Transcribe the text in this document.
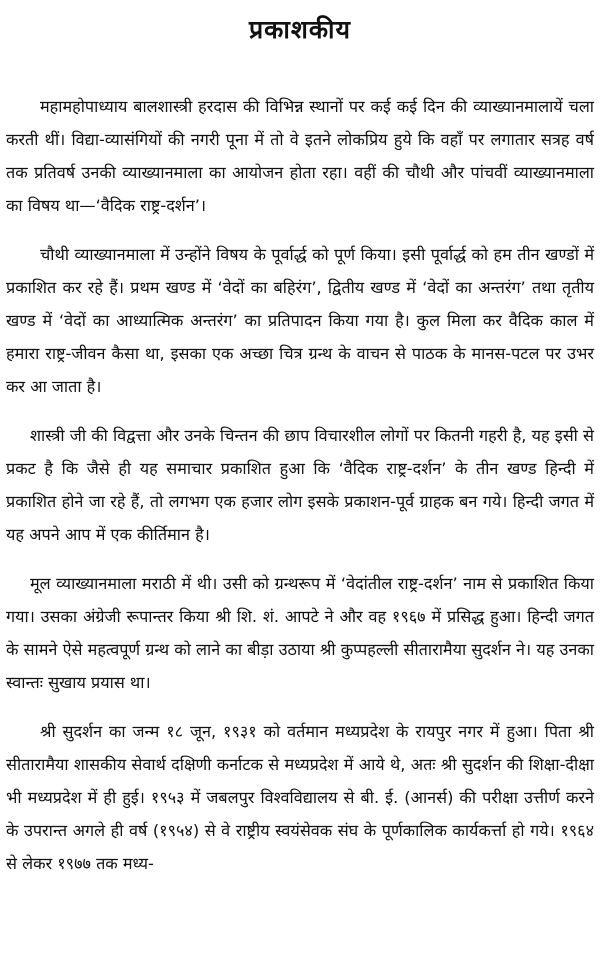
प्रकाशकीय

महामहोपाध्याय बालशास्त्री हरदास की विभिन्न स्थानों पर कई कई दिन की व्याख्यानमालायें चला करती थीं। विद्या-व्यासंगियों की नगरी पूना में तो वे इतने लोकप्रिय हुये कि वहाँ पर लगातार सत्रह वर्ष तक प्रतिवर्ष उनकी व्याख्यानमाला का आयोजन होता रहा। वहीं की चौथी और पांचवीं व्याख्यानमाला का विषय था—‘वैदिक राष्ट्र-दर्शन’।

चौथी व्याख्यानमाला में उन्होंने विषय के पूर्वार्द्ध को पूर्ण किया। इसी पूर्वार्द्ध को हम तीन खण्डों में प्रकाशित कर रहे हैं। प्रथम खण्ड में ‘वेदों का बहिरंग’, द्वितीय खण्ड में ‘वेदों का अन्तरंग’ तथा तृतीय खण्ड में ‘वेदों का आध्यात्मिक अन्तरंग’ का प्रतिपादन किया गया है। कुल मिला कर वैदिक काल में हमारा राष्ट्र-जीवन कैसा था, इसका एक अच्छा चित्र ग्रन्थ के वाचन से पाठक के मानस-पटल पर उभर कर आ जाता है।

शास्त्री जी की विद्वत्ता और उनके चिन्तन की छाप विचारशील लोगों पर कितनी गहरी है, यह इसी से प्रकट है कि जैसे ही यह समाचार प्रकाशित हुआ कि ‘वैदिक राष्ट्र-दर्शन’ के तीन खण्ड हिन्दी में प्रकाशित होने जा रहे हैं, तो लगभग एक हजार लोग इसके प्रकाशन-पूर्व ग्राहक बन गये। हिन्दी जगत में यह अपने आप में एक कीर्तिमान है।

मूल व्याख्यानमाला मराठी में थी। उसी को ग्रन्थरूप में ‘वेदांतील राष्ट्र-दर्शन’ नाम से प्रकाशित किया गया। उसका अंग्रेजी रूपान्तर किया श्री शि. शं. आपटे ने और वह १९६७ में प्रसिद्ध हुआ। हिन्दी जगत के सामने ऐसे महत्वपूर्ण ग्रन्थ को लाने का बीड़ा उठाया श्री कुप्पहल्ली सीतारामैया सुदर्शन ने। यह उनका स्वान्तः सुखाय प्रयास था।

श्री सुदर्शन का जन्म १८ जून, १९३१ को वर्तमान मध्यप्रदेश के रायपुर नगर में हुआ। पिता श्री सीतारामैया शासकीय सेवार्थ दक्षिणी कर्नाटक से मध्यप्रदेश में आये थे, अतः श्री सुदर्शन की शिक्षा-दीक्षा भी मध्यप्रदेश में ही हुई। १९५३ में जबलपुर विश्वविद्यालय से बी. ई. (आनर्स) की परीक्षा उत्तीर्ण करने के उपरान्त अगले ही वर्ष (१९५४) से वे राष्ट्रीय स्वयंसेवक संघ के पूर्णकालिक कार्यकर्त्ता हो गये। १९६४ से लेकर १९७७ तक मध्य-
